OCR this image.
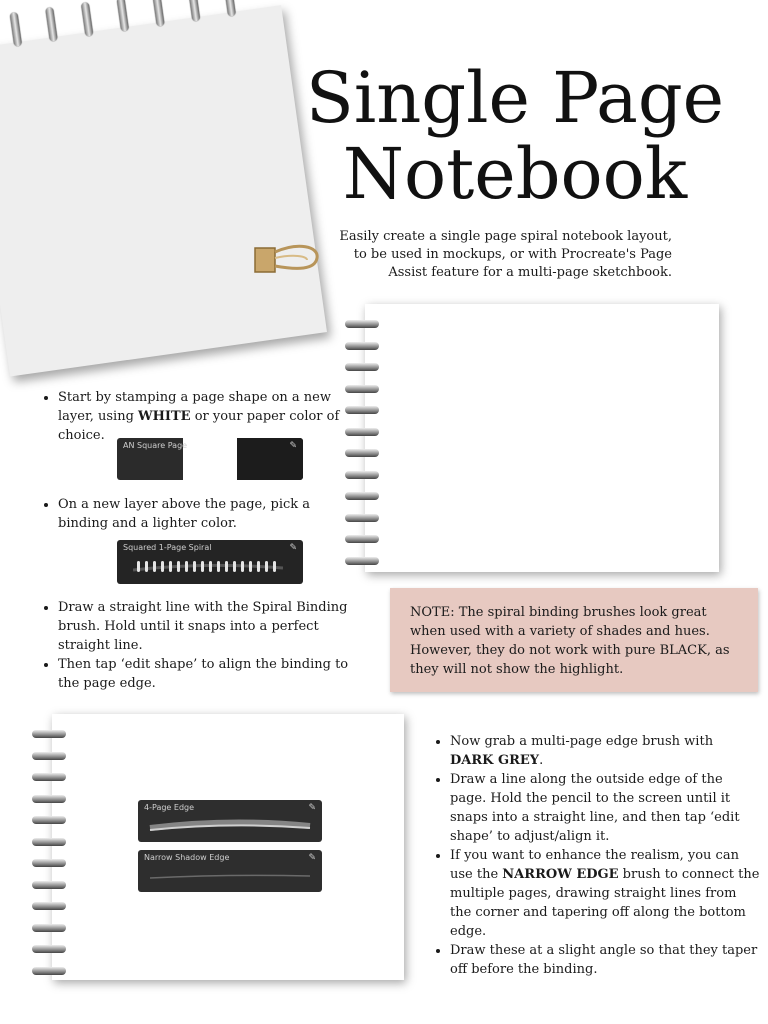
Single Page
Notebook
Easily create a single page spiral notebook layout,
to be used in mockups, or with Procreate's Page
Assist feature for a multi-page sketchbook.
• Start by stamping a page shape on a new layer, using WHITE or your paper color of choice.
AN Square Page	✎
• On a new layer above the page, pick a binding and a lighter color.
Squared 1-Page Spiral	✎
• Draw a straight line with the Spiral Binding brush. Hold until it snaps into a perfect straight line.
• Then tap ‘edit shape’ to align the binding to the page edge.

NOTE: The spiral binding brushes look great when used with a variety of shades and hues. However, they do not work with pure BLACK, as they will not show the highlight.

4-Page Edge	✎
Narrow Shadow Edge	✎
• Now grab a multi-page edge brush with DARK GREY.
• Draw a line along the outside edge of the page. Hold the pencil to the screen until it snaps into a straight line, and then tap ‘edit shape’ to adjust/align it.
• If you want to enhance the realism, you can use the NARROW EDGE brush to connect the multiple pages, drawing straight lines from the corner and tapering off along the bottom edge.
• Draw these at a slight angle so that they taper off before the binding.
